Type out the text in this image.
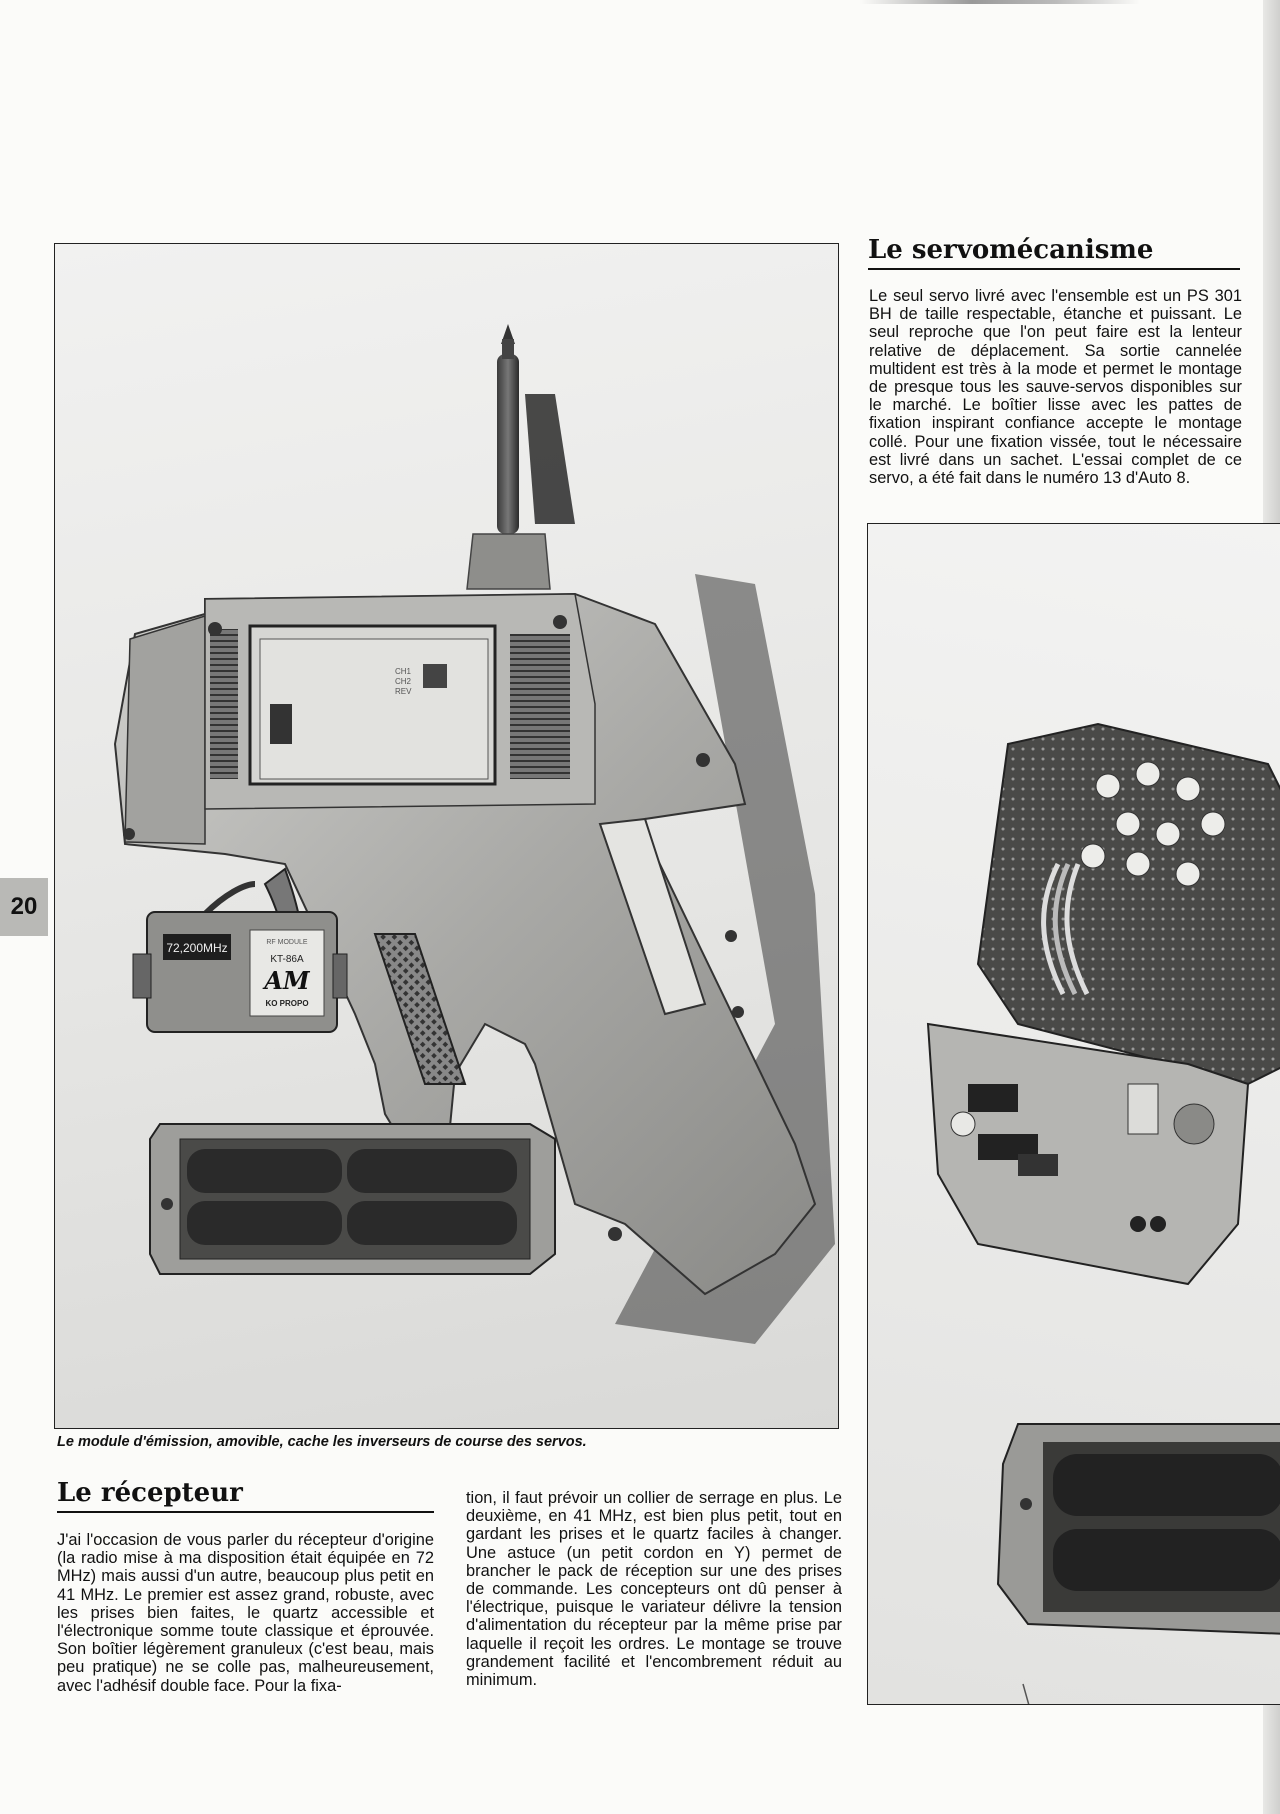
CH1
CH2
REV
72,200MHz	RF MODULE
KT-86A
AM
KO PROPO
20
Le module d'émission, amovible, cache les inverseurs de course des servos.
Le servomécanisme

Le seul servo livré avec l'ensemble est un PS 301 BH de taille respectable, étanche et puissant. Le seul reproche que l'on peut faire est la lenteur relative de déplacement. Sa sortie cannelée multident est très à la mode et permet le montage de presque tous les sauve-servos disponibles sur le marché. Le boîtier lisse avec les pattes de fixation inspirant confiance accepte le montage collé. Pour une fixation vissée, tout le nécessaire est livré dans un sachet. L'essai complet de ce servo, a été fait dans le numéro 13 d'Auto 8.

Le récepteur

J'ai l'occasion de vous parler du récepteur d'origine (la radio mise à ma disposition était équipée en 72 MHz) mais aussi d'un autre, beaucoup plus petit en 41 MHz. Le premier est assez grand, robuste, avec les prises bien faites, le quartz accessible et l'électronique somme toute classique et éprouvée. Son boîtier légèrement granuleux (c'est beau, mais peu pratique) ne se colle pas, malheureusement, avec l'adhésif double face. Pour la fixa-

tion, il faut prévoir un collier de serrage en plus. Le deuxième, en 41 MHz, est bien plus petit, tout en gardant les prises et le quartz faciles à changer. Une astuce (un petit cordon en Y) permet de brancher le pack de réception sur une des prises de commande. Les concepteurs ont dû penser à l'électrique, puisque le variateur délivre la tension d'alimentation du récepteur par la même prise par laquelle il reçoit les ordres. Le montage se trouve grandement facilité et l'encombrement réduit au minimum.
